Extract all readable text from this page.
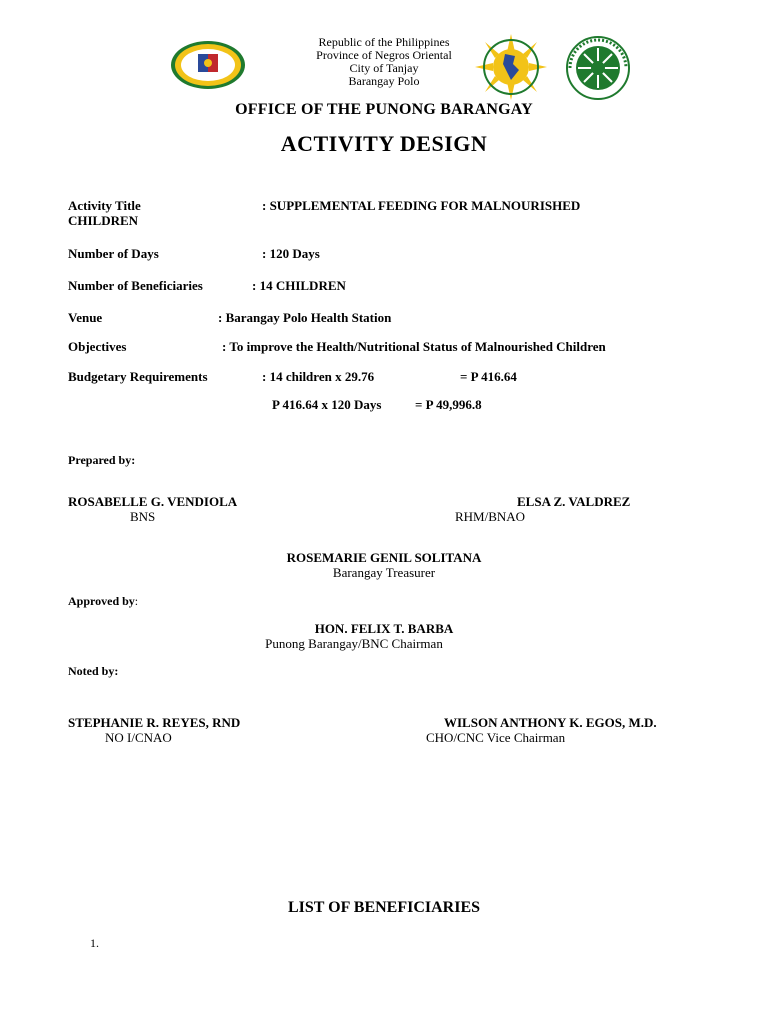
Republic of the Philippines
Province of Negros Oriental
City of Tanjay
Barangay Polo
OFFICE OF THE PUNONG BARANGAY
ACTIVITY DESIGN
Activity Title	: SUPPLEMENTAL FEEDING FOR MALNOURISHED
CHILDREN
Number of Days	: 120 Days
Number of Beneficiaries	: 14 CHILDREN
Venue	: Barangay Polo Health Station
Objectives	: To improve the Health/Nutritional Status of Malnourished Children
Budgetary Requirements	: 14 children x 29.76	= P 416.64
P 416.64 x 120 Days	= P 49,996.8
Prepared by:
ROSABELLE G. VENDIOLA
BNS
ELSA Z. VALDREZ
RHM/BNAO
ROSEMARIE GENIL SOLITANA
Barangay Treasurer
Approved by:
HON. FELIX T. BARBA
Punong Barangay/BNC Chairman
Noted by:
STEPHANIE R. REYES, RND
NO I/CNAO
WILSON ANTHONY K. EGOS, M.D.
CHO/CNC Vice Chairman
LIST OF BENEFICIARIES
1.
